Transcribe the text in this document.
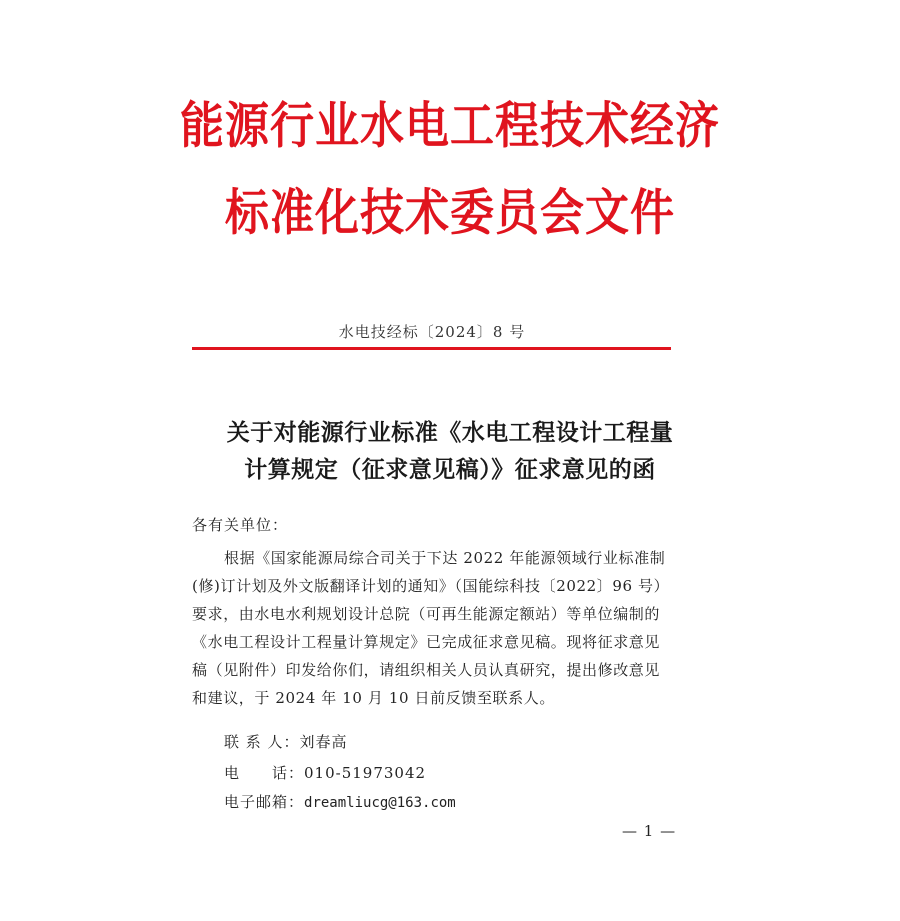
能源行业水电工程技术经济
标准化技术委员会文件
水电技经标〔2024〕8 号
关于对能源行业标准《水电工程设计工程量
计算规定（征求意见稿）》征求意见的函
各有关单位：
根据《国家能源局综合司关于下达 2022 年能源领域行业标准制
(修)订计划及外文版翻译计划的通知》（国能综科技〔2022〕96 号）
要求，由水电水利规划设计总院（可再生能源定额站）等单位编制的
《水电工程设计工程量计算规定》已完成征求意见稿。现将征求意见
稿（见附件）印发给你们，请组织相关人员认真研究，提出修改意见
和建议，于 2024 年 10 月 10 日前反馈至联系人。
联 系 人：刘春高
电　　话：010-51973042
电子邮箱：dreamliucg@163.com
— 1 —
